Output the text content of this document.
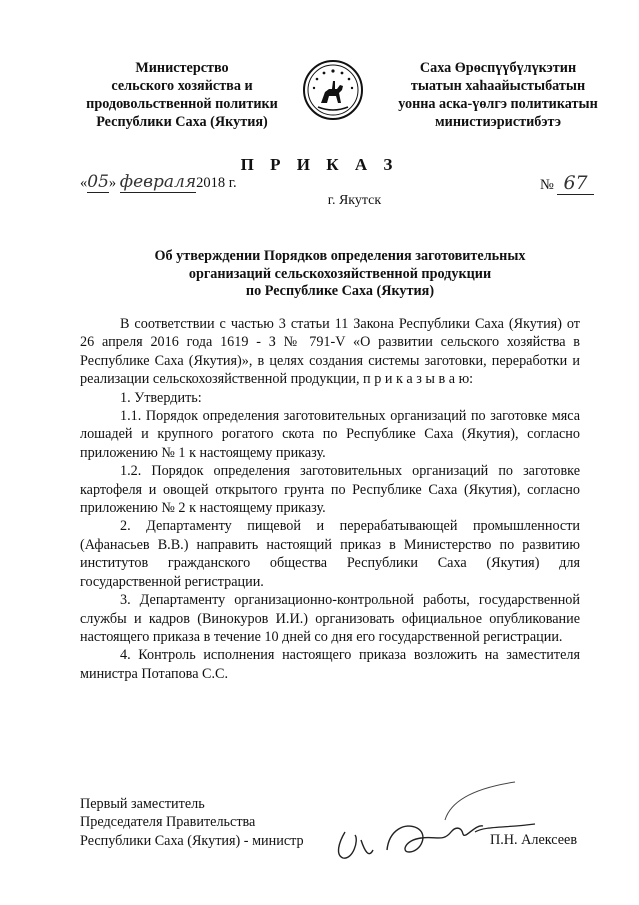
Министерство
сельского хозяйства и
продовольственной политики
Республики Саха (Якутия)
Саха Өрөспүүбүлүкэтин
тыатын хаһаайыстыбатын
уонна аска-үөлгэ политикатын
министиэристибэтэ
П Р И К А З
«05» февраля2018 г.	№ 67
г. Якутск
Об утверждении Порядков определения заготовительных
организаций сельскохозяйственной продукции
по Республике Саха (Якутия)

В соответствии с частью 3 статьи 11 Закона Республики Саха (Якутия) от 26 апреля 2016 года 1619 - З № 791-V «О развитии сельского хозяйства в Республике Саха (Якутия)», в целях создания системы заготовки, переработки и реализации сельскохозяйственной продукции, п р и к а з ы в а ю:

1. Утвердить:

1.1. Порядок определения заготовительных организаций по заготовке мяса лошадей и крупного рогатого скота по Республике Саха (Якутия), согласно приложению № 1 к настоящему приказу.

1.2. Порядок определения заготовительных организаций по заготовке картофеля и овощей открытого грунта по Республике Саха (Якутия), согласно приложению № 2 к настоящему приказу.

2. Департаменту пищевой и перерабатывающей промышленности (Афанасьев В.В.) направить настоящий приказ в Министерство по развитию институтов гражданского общества Республики Саха (Якутия) для государственной регистрации.

3. Департаменту организационно-контрольной работы, государственной службы и кадров (Винокуров И.И.) организовать официальное опубликование настоящего приказа в течение 10 дней со дня его государственной регистрации.

4. Контроль исполнения настоящего приказа возложить на заместителя министра Потапова С.С.

Первый заместитель
Председателя Правительства
Республики Саха (Якутия) - министр	П.Н. Алексеев
